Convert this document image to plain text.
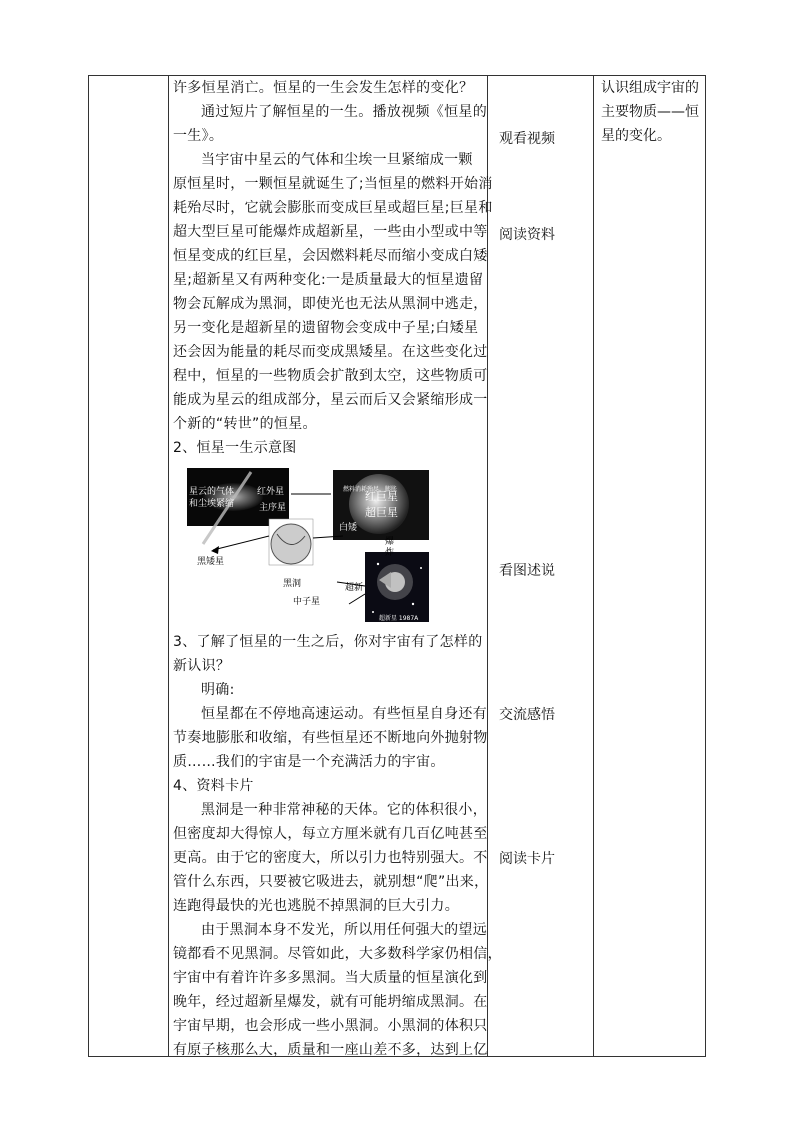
许多恒星消亡。恒星的一生会发生怎样的变化？

通过短片了解恒星的一生。播放视频《恒星的

一生》。

当宇宙中星云的气体和尘埃一旦紧缩成一颗

原恒星时，一颗恒星就诞生了;当恒星的燃料开始消

耗殆尽时，它就会膨胀而变成巨星或超巨星;巨星和

超大型巨星可能爆炸成超新星，一些由小型或中等

恒星变成的红巨星，会因燃料耗尽而缩小变成白矮

星;超新星又有两种变化:一是质量最大的恒星遗留

物会瓦解成为黑洞，即使光也无法从黑洞中逃走，

另一变化是超新星的遗留物会变成中子星;白矮星

还会因为能量的耗尽而变成黑矮星。在这些变化过

程中，恒星的一些物质会扩散到太空，这些物质可

能成为星云的组成部分，星云而后又会紧缩形成一

个新的“转世”的恒星。

2、恒星一生示意图

星云的气体
和尘埃紧缩
红外星
主序星
燃料消耗殆尽，膨胀
红巨星
超巨星
白矮
爆
炸
黑矮星
黑洞
中子星
超新
超新星 1987A

3、了解了恒星的一生之后，你对宇宙有了怎样的

新认识？

明确:

恒星都在不停地高速运动。有些恒星自身还有

节奏地膨胀和收缩，有些恒星还不断地向外抛射物

质……我们的宇宙是一个充满活力的宇宙。

4、资料卡片

黑洞是一种非常神秘的天体。它的体积很小，

但密度却大得惊人，每立方厘米就有几百亿吨甚至

更高。由于它的密度大，所以引力也特别强大。不

管什么东西，只要被它吸进去，就别想“爬”出来，

连跑得最快的光也逃脱不掉黑洞的巨大引力。

由于黑洞本身不发光，所以用任何强大的望远

镜都看不见黑洞。尽管如此，大多数科学家仍相信，

宇宙中有着许许多多黑洞。当大质量的恒星演化到

晚年，经过超新星爆发，就有可能坍缩成黑洞。在

宇宙早期，也会形成一些小黑洞。小黑洞的体积只

有原子核那么大，质量和一座山差不多，达到上亿

观看视频
阅读资料
看图述说
交流感悟
阅读卡片

认识组成宇宙的

主要物质——恒

星的变化。
